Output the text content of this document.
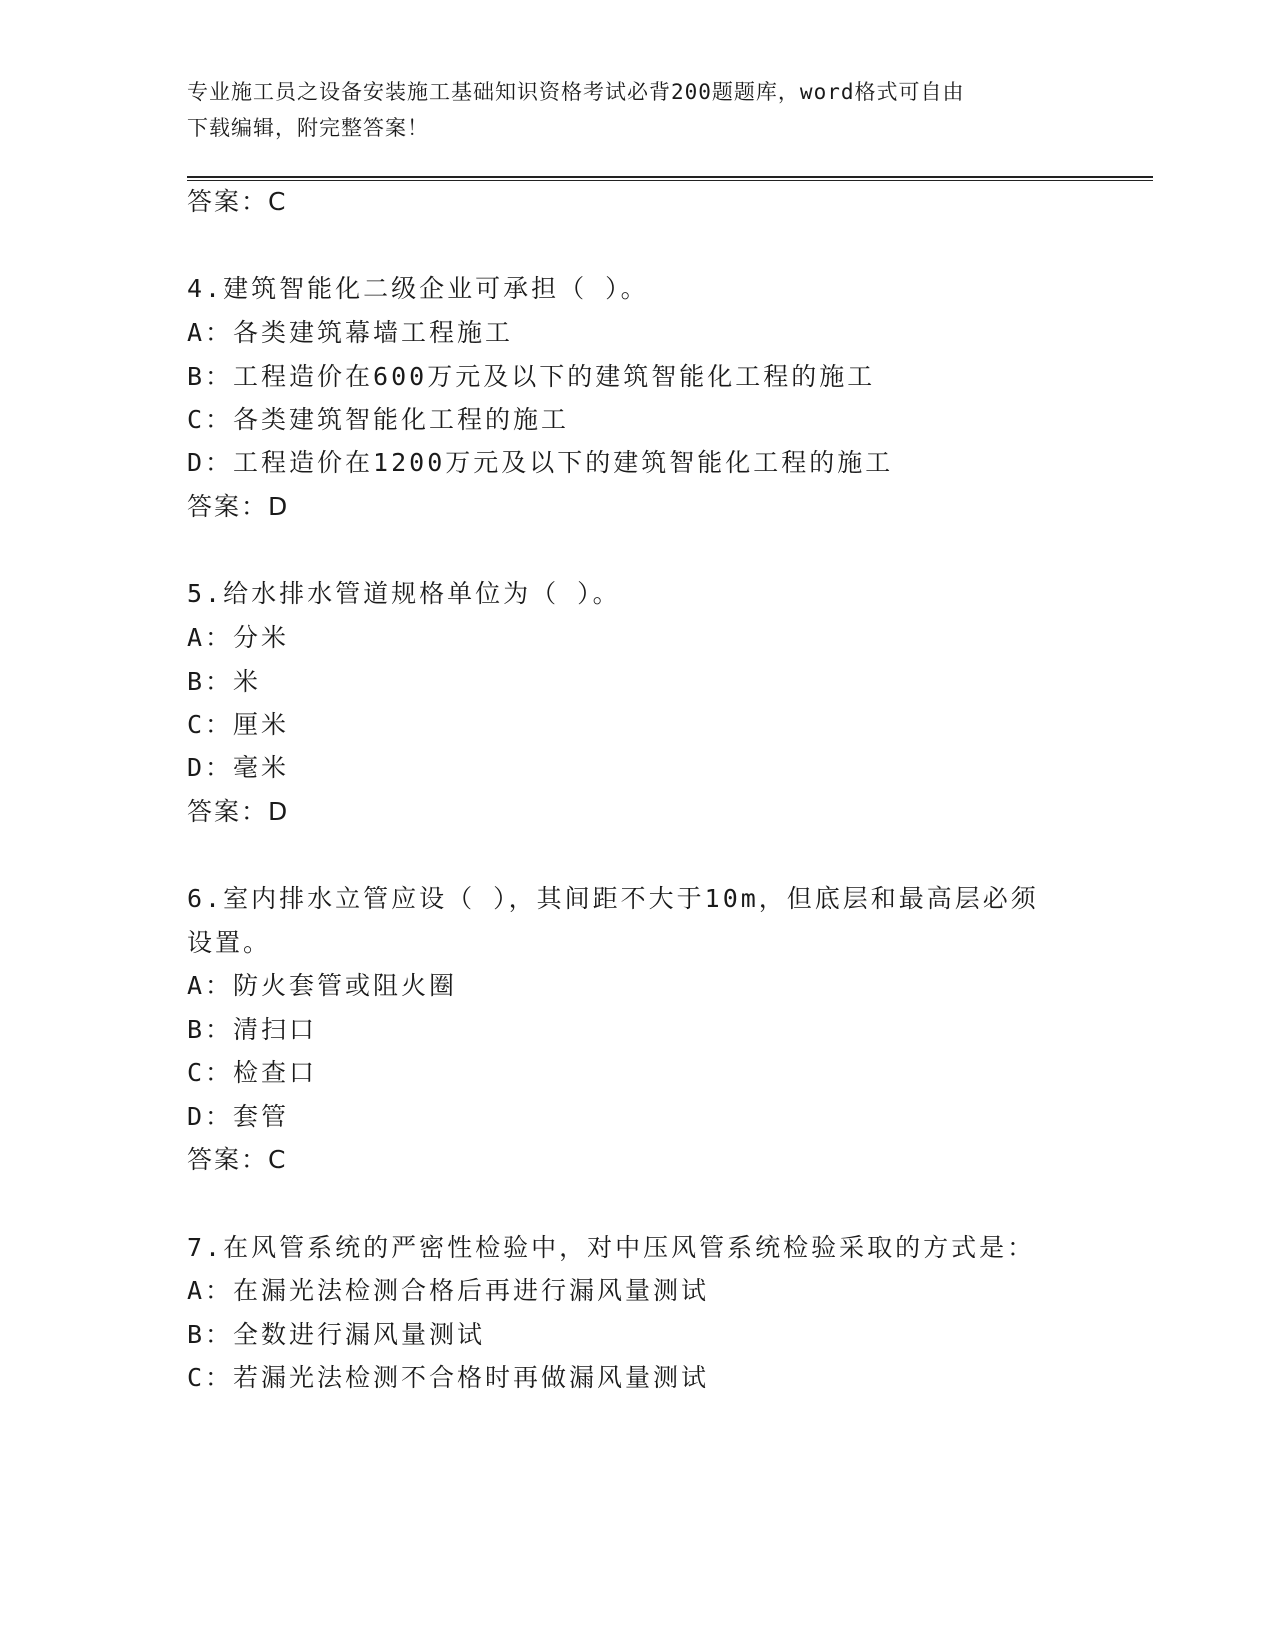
专业施工员之设备安装施工基础知识资格考试必背200题题库，word格式可自由
下载编辑，附完整答案！
答案：C
4.建筑智能化二级企业可承担（ ）。
A：各类建筑幕墙工程施工
B：工程造价在600万元及以下的建筑智能化工程的施工
C：各类建筑智能化工程的施工
D：工程造价在1200万元及以下的建筑智能化工程的施工
答案：D
5.给水排水管道规格单位为（ ）。
A：分米
B：米
C：厘米
D：毫米
答案：D
6.室内排水立管应设（ ），其间距不大于10m，但底层和最高层必须
设置。
A：防火套管或阻火圈
B：清扫口
C：检查口
D：套管
答案：C
7.在风管系统的严密性检验中，对中压风管系统检验采取的方式是：
A：在漏光法检测合格后再进行漏风量测试
B：全数进行漏风量测试
C：若漏光法检测不合格时再做漏风量测试
